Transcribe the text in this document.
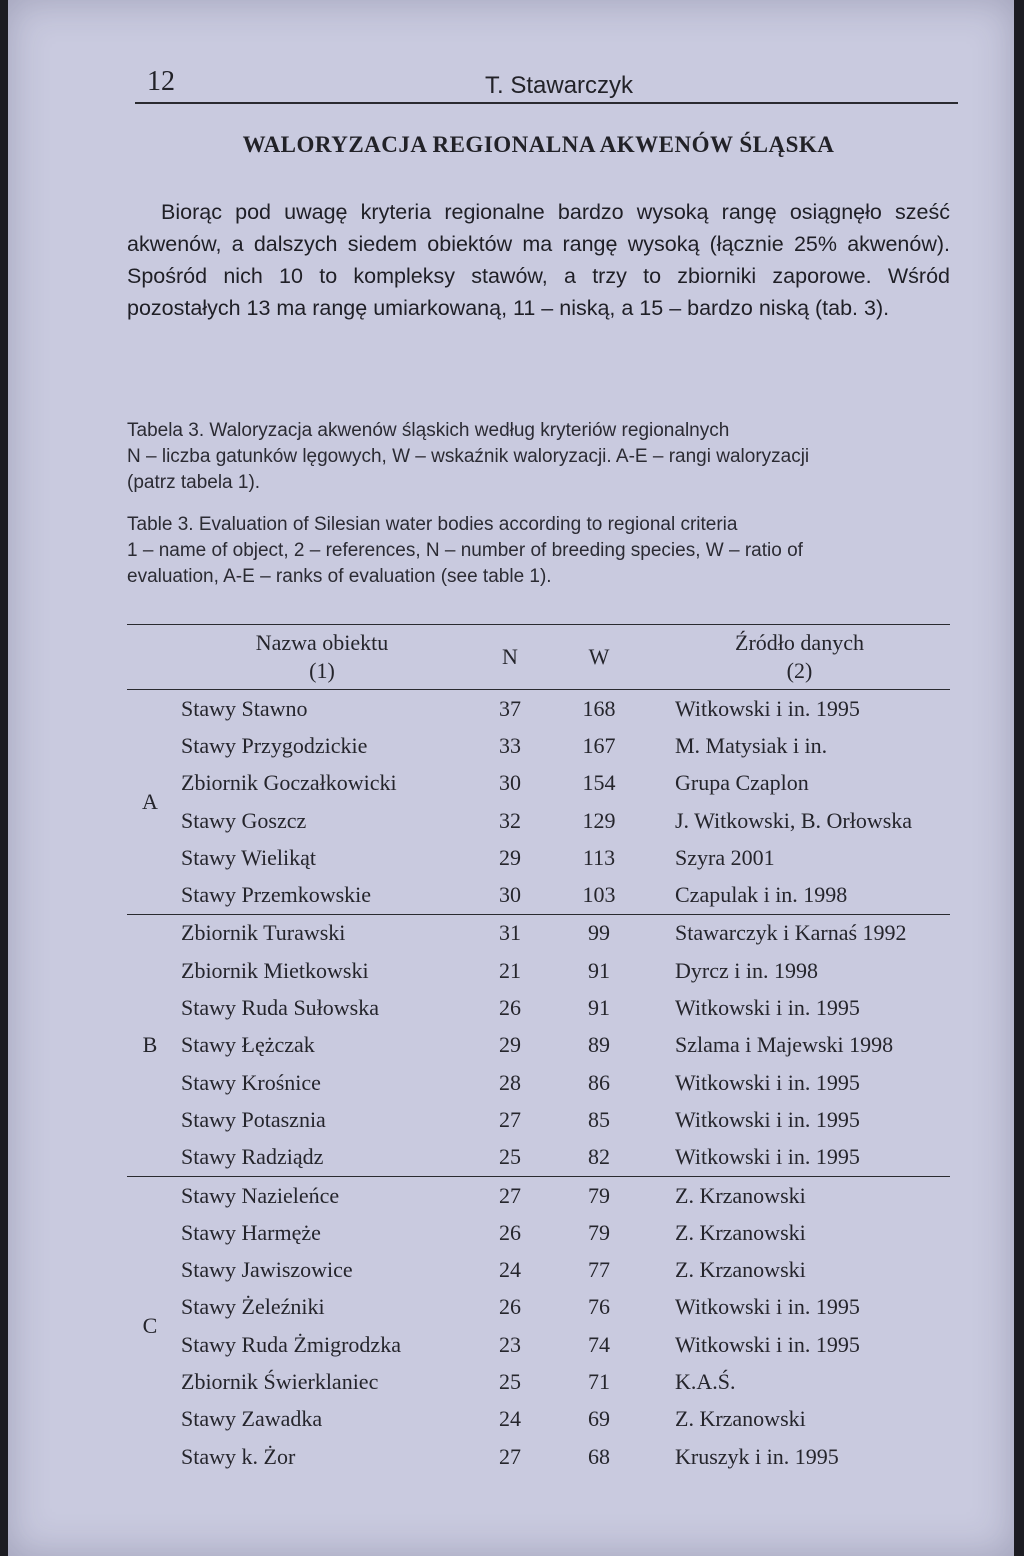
12	T. Stawarczyk
WALORYZACJA REGIONALNA AKWENÓW ŚLĄSKA

Biorąc pod uwagę kryteria regionalne bardzo wysoką rangę osiągnęło sześć akwenów, a dalszych siedem obiektów ma rangę wysoką (łącznie 25% akwenów). Spośród nich 10 to kompleksy stawów, a trzy to zbiorniki zaporowe. Wśród pozostałych 13 ma rangę umiarkowaną, 11 – niską, a 15 – bardzo niską (tab. 3).

Tabela 3. Waloryzacja akwenów śląskich według kryteriów regionalnych
N – liczba gatunków lęgowych, W – wskaźnik waloryzacji. A-E – rangi waloryzacji
(patrz tabela 1).
Table 3. Evaluation of Silesian water bodies according to regional criteria
1 – name of object, 2 – references, N – number of breeding species, W – ratio of
evaluation, A-E – ranks of evaluation (see table 1).

	Nazwa obiektu
(1)	N	W	Źródło danych
(2)

A	Stawy Stawno	37	168	Witkowski i in. 1995
	Stawy Przygodzickie	33	167	M. Matysiak i in.
	Zbiornik Goczałkowicki	30	154	Grupa Czaplon
	Stawy Goszcz	32	129	J. Witkowski, B. Orłowska
	Stawy Wielikąt	29	113	Szyra 2001
	Stawy Przemkowskie	30	103	Czapulak i in. 1998
B	Zbiornik Turawski	31	99	Stawarczyk i Karnaś 1992
	Zbiornik Mietkowski	21	91	Dyrcz i in. 1998
	Stawy Ruda Sułowska	26	91	Witkowski i in. 1995
	Stawy Łężczak	29	89	Szlama i Majewski 1998
	Stawy Krośnice	28	86	Witkowski i in. 1995
	Stawy Potasznia	27	85	Witkowski i in. 1995
	Stawy Radziądz	25	82	Witkowski i in. 1995
C	Stawy Nazieleńce	27	79	Z. Krzanowski
	Stawy Harmęże	26	79	Z. Krzanowski
	Stawy Jawiszowice	24	77	Z. Krzanowski
	Stawy Żeleźniki	26	76	Witkowski i in. 1995
	Stawy Ruda Żmigrodzka	23	74	Witkowski i in. 1995
	Zbiornik Świerklaniec	25	71	K.A.Ś.
	Stawy Zawadka	24	69	Z. Krzanowski
	Stawy k. Żor	27	68	Kruszyk i in. 1995
